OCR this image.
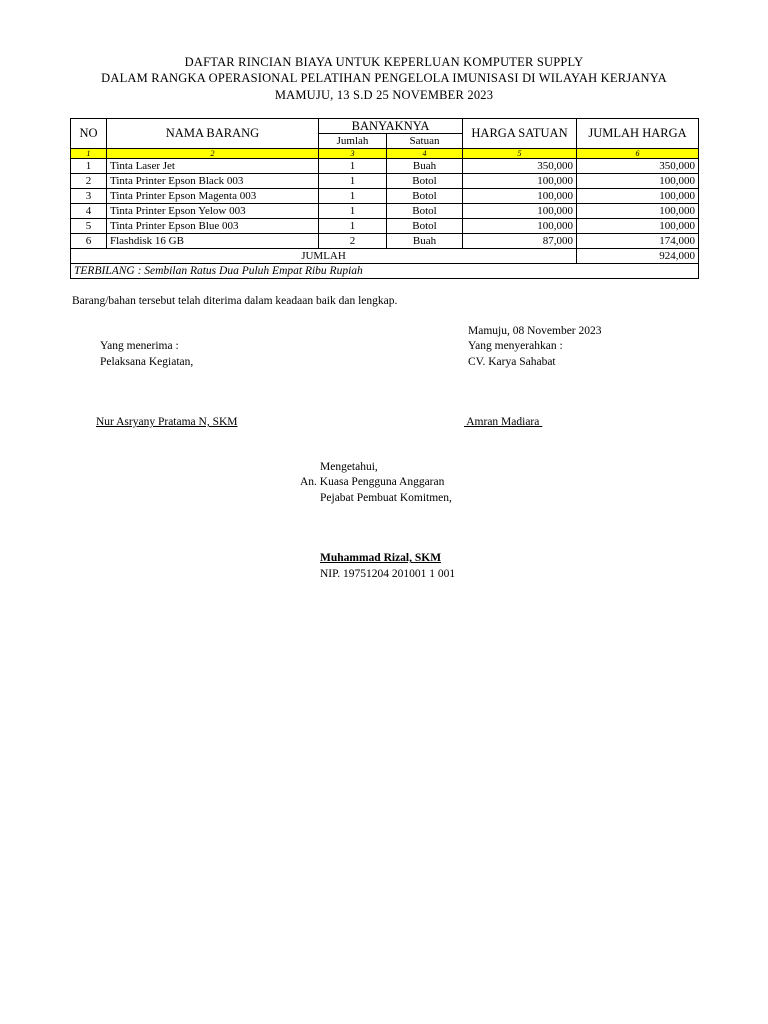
DAFTAR RINCIAN BIAYA UNTUK KEPERLUAN KOMPUTER SUPPLY
DALAM RANGKA OPERASIONAL PELATIHAN PENGELOLA IMUNISASI DI WILAYAH KERJANYA
MAMUJU, 13 S.D 25 NOVEMBER 2023
NO	NAMA BARANG	BANYAKNYA		HARGA SATUAN	JUMLAH HARGA
		Jumlah	Satuan		
1	2	3	4	5	6
1	Tinta Laser Jet	1	Buah	350,000	350,000
2	Tinta Printer Epson Black 003	1	Botol	100,000	100,000
3	Tinta Printer Epson Magenta 003	1	Botol	100,000	100,000
4	Tinta Printer Epson Yelow 003	1	Botol	100,000	100,000
5	Tinta Printer Epson Blue 003	1	Botol	100,000	100,000
6	Flashdisk 16 GB	2	Buah	87,000	174,000
JUMLAH					924,000
TERBILANG : Sembilan Ratus Dua Puluh Empat Ribu Rupiah					
Barang/bahan tersebut telah diterima dalam keadaan baik dan lengkap.
Mamuju, 08 November 2023
Yang menerima :
Pelaksana Kegiatan,
Nur Asryany Pratama N, SKM
Yang menyerahkan :
CV. Karya Sahabat
Amran Madiara
Mengetahui,
An. Kuasa Pengguna Anggaran
Pejabat Pembuat Komitmen,
Muhammad Rizal, SKM
NIP. 19751204 201001 1 001
